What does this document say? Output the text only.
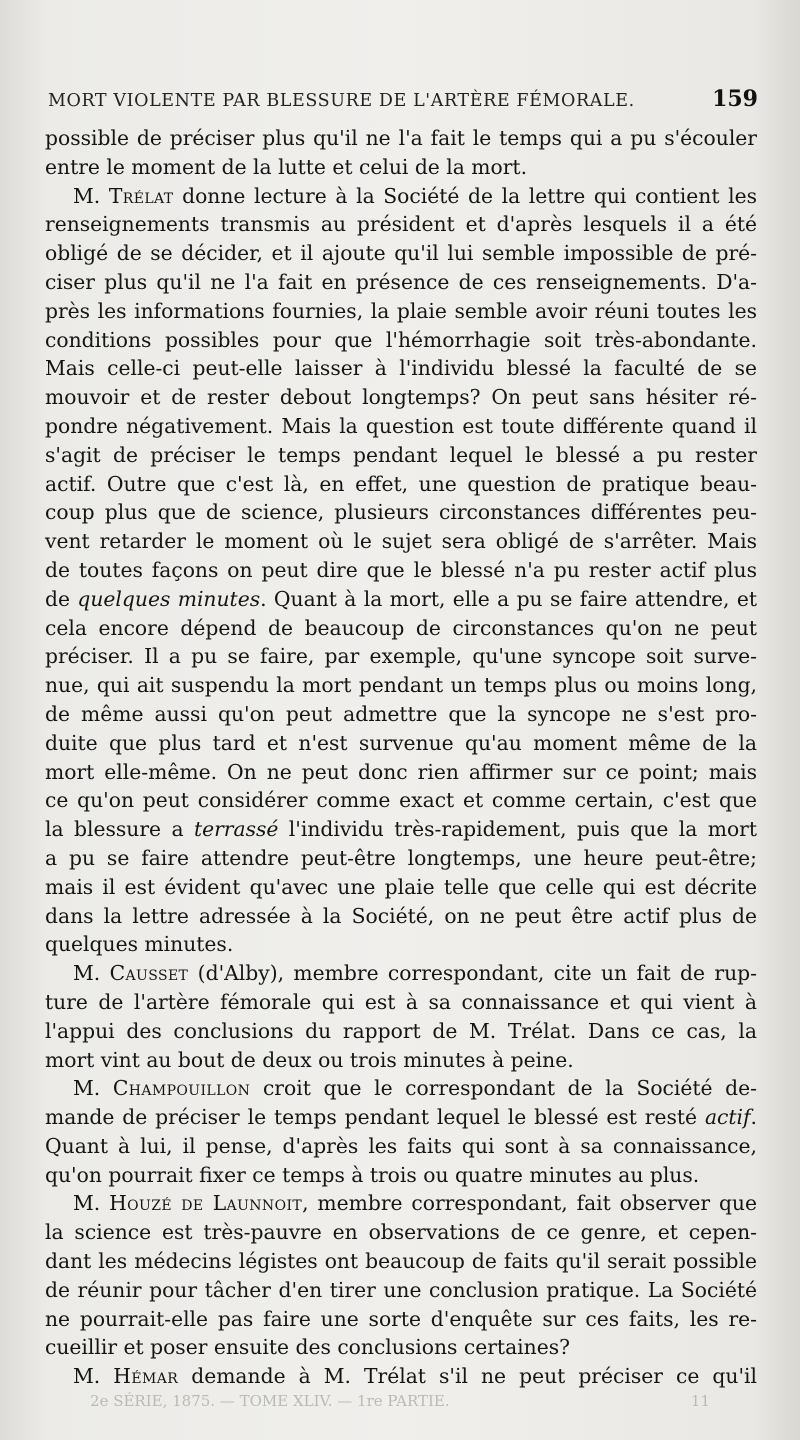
MORT VIOLENTE PAR BLESSURE DE L'ARTÈRE FÉMORALE.	159
possible de préciser plus qu'il ne l'a fait le temps qui a pu s'écouler
entre le moment de la lutte et celui de la mort.
M. Trélat donne lecture à la Société de la lettre qui contient les
renseignements transmis au président et d'après lesquels il a été
obligé de se décider, et il ajoute qu'il lui semble impossible de pré-
ciser plus qu'il ne l'a fait en présence de ces renseignements. D'a-
près les informations fournies, la plaie semble avoir réuni toutes les
conditions possibles pour que l'hémorrhagie soit très-abondante.
Mais celle-ci peut-elle laisser à l'individu blessé la faculté de se
mouvoir et de rester debout longtemps? On peut sans hésiter ré-
pondre négativement. Mais la question est toute différente quand il
s'agit de préciser le temps pendant lequel le blessé a pu rester
actif. Outre que c'est là, en effet, une question de pratique beau-
coup plus que de science, plusieurs circonstances différentes peu-
vent retarder le moment où le sujet sera obligé de s'arrêter. Mais
de toutes façons on peut dire que le blessé n'a pu rester actif plus
de quelques minutes. Quant à la mort, elle a pu se faire attendre, et
cela encore dépend de beaucoup de circonstances qu'on ne peut
préciser. Il a pu se faire, par exemple, qu'une syncope soit surve-
nue, qui ait suspendu la mort pendant un temps plus ou moins long,
de même aussi qu'on peut admettre que la syncope ne s'est pro-
duite que plus tard et n'est survenue qu'au moment même de la
mort elle-même. On ne peut donc rien affirmer sur ce point; mais
ce qu'on peut considérer comme exact et comme certain, c'est que
la blessure a terrassé l'individu très-rapidement, puis que la mort
a pu se faire attendre peut-être longtemps, une heure peut-être;
mais il est évident qu'avec une plaie telle que celle qui est décrite
dans la lettre adressée à la Société, on ne peut être actif plus de
quelques minutes.
M. Causset (d'Alby), membre correspondant, cite un fait de rup-
ture de l'artère fémorale qui est à sa connaissance et qui vient à
l'appui des conclusions du rapport de M. Trélat. Dans ce cas, la
mort vint au bout de deux ou trois minutes à peine.
M. Champouillon croit que le correspondant de la Société de-
mande de préciser le temps pendant lequel le blessé est resté actif.
Quant à lui, il pense, d'après les faits qui sont à sa connaissance,
qu'on pourrait fixer ce temps à trois ou quatre minutes au plus.
M. Houzé de Launnoit, membre correspondant, fait observer que
la science est très-pauvre en observations de ce genre, et cepen-
dant les médecins légistes ont beaucoup de faits qu'il serait possible
de réunir pour tâcher d'en tirer une conclusion pratique. La Société
ne pourrait-elle pas faire une sorte d'enquête sur ces faits, les re-
cueillir et poser ensuite des conclusions certaines?
M. Hémar demande à M. Trélat s'il ne peut préciser ce qu'il
2e SÉRIE, 1875. — TOME XLIV. — 1re PARTIE.	11
